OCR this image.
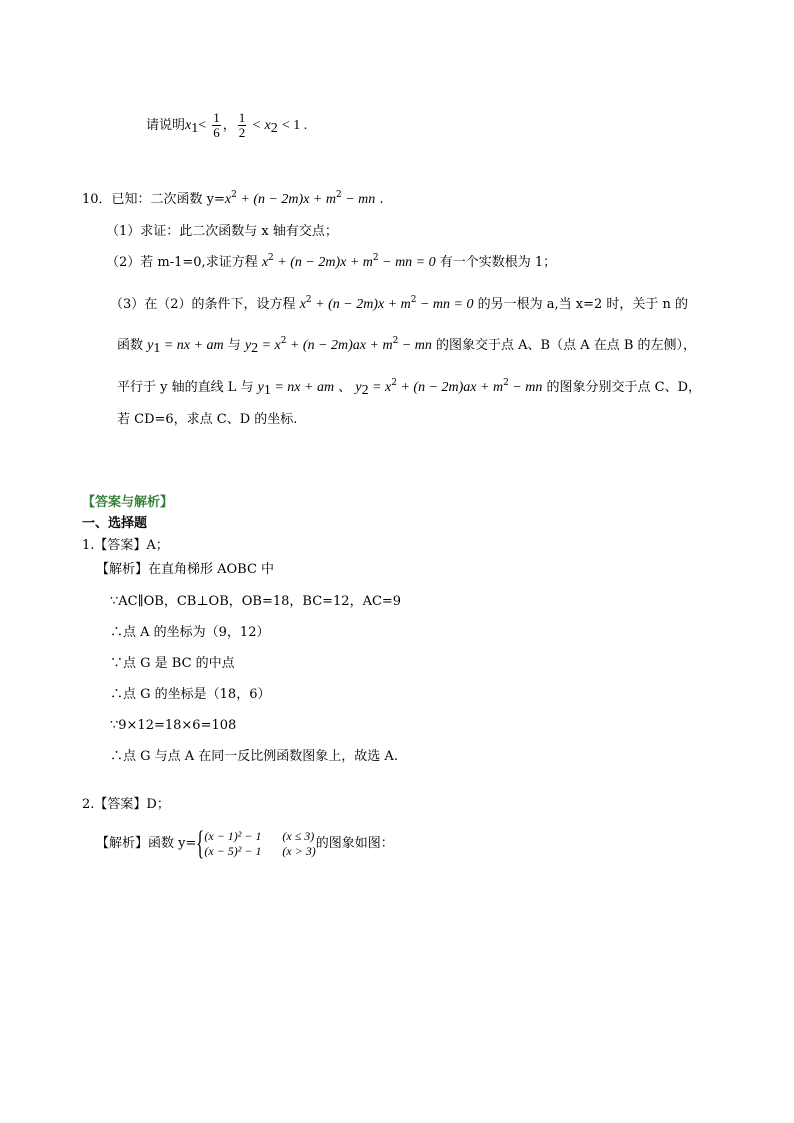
请说明$x_1< \frac{1}{6}$ ， $\frac{1}{2} < x_2 < 1$ .
10．已知：二次函数 $y=x^2 + (n - 2m)x + m^2$ − mn .
（1）求证：此二次函数与 x 轴有交点；
（2）若 m-1=0,求证方程 $x^2 + (n - 2m)x + m^2$ − mn = 0 有一个实数根为 1；
（3）在（2）的条件下，设方程 $x^2 + (n - 2m)x + m^2$ − mn = 0 的另一根为 a,当 x=2 时，关于 n 的
函数 $y_1$ = nx + am 与 $y_2 = x^2 + (n - 2m)ax + m^2$ − mn 的图象交于点 A、B（点 A 在点 B 的左侧），
平行于 y 轴的直线 L 与 $y_1$ = nx + am 、 $y_2 = x^2 + (n - 2m)ax + m^2$ − mn 的图象分别交于点 C、D，
若 CD=6，求点 C、D 的坐标.
【答案与解析】
一、选择题
1.【答案】A；
【解析】在直角梯形 AOBC 中
∵AC∥OB，CB⊥OB，OB=18，BC=12，AC=9
∴点 A 的坐标为（9，12）
∵点 G 是 BC 的中点
∴点 G 的坐标是（18，6）
∵9×12=18×6=108
∴点 G 与点 A 在同一反比例函数图象上，故选 A.
2.【答案】D；
【解析】函数 y= { (x − 1)² − 1 (x ≤ 3)
(x − 5)² − 1 (x > 3) 的图象如图：
